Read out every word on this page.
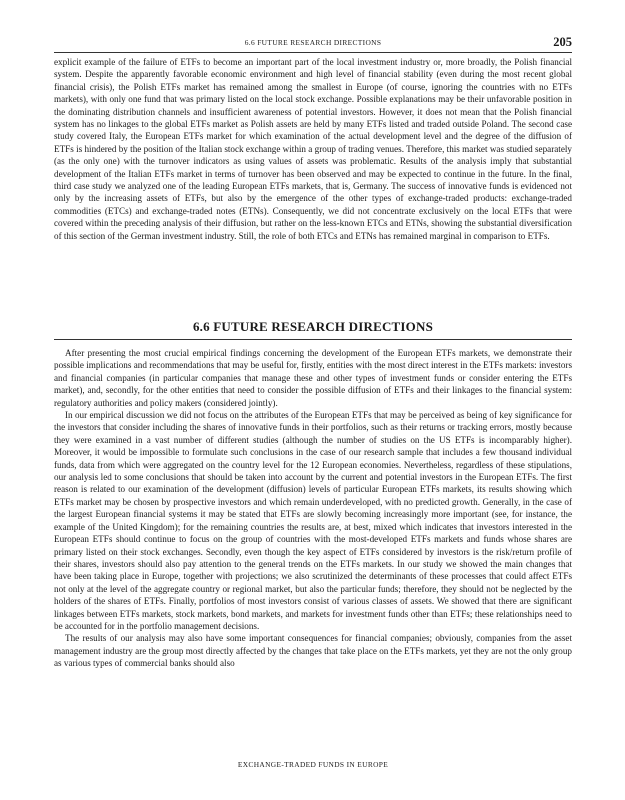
6.6 FUTURE RESEARCH DIRECTIONS	205
explicit example of the failure of ETFs to become an important part of the local investment industry or, more broadly, the Polish financial system. Despite the apparently favorable economic environment and high level of financial stability (even during the most recent global financial crisis), the Polish ETFs market has remained among the smallest in Europe (of course, ignoring the countries with no ETFs markets), with only one fund that was primary listed on the local stock exchange. Possible explanations may be their unfavorable position in the dominating distribution channels and insufficient awareness of potential investors. However, it does not mean that the Polish financial system has no linkages to the global ETFs market as Polish assets are held by many ETFs listed and traded outside Poland. The second case study covered Italy, the European ETFs market for which examination of the actual development level and the degree of the diffusion of ETFs is hindered by the position of the Italian stock exchange within a group of trading venues. Therefore, this market was studied separately (as the only one) with the turnover indicators as using values of assets was problematic. Results of the analysis imply that substantial development of the Italian ETFs market in terms of turnover has been observed and may be expected to continue in the future. In the final, third case study we analyzed one of the leading European ETFs markets, that is, Germany. The success of innovative funds is evidenced not only by the increasing assets of ETFs, but also by the emergence of the other types of exchange-traded products: exchange-traded commodities (ETCs) and exchange-traded notes (ETNs). Consequently, we did not concentrate exclusively on the local ETFs that were covered within the preceding analysis of their diffusion, but rather on the less-known ETCs and ETNs, showing the substantial diversification of this section of the German investment industry. Still, the role of both ETCs and ETNs has remained marginal in comparison to ETFs.
6.6 FUTURE RESEARCH DIRECTIONS

After presenting the most crucial empirical findings concerning the development of the European ETFs markets, we demonstrate their possible implications and recommendations that may be useful for, firstly, entities with the most direct interest in the ETFs markets: investors and financial companies (in particular companies that manage these and other types of investment funds or consider entering the ETFs market), and, secondly, for the other entities that need to consider the possible diffusion of ETFs and their linkages to the financial system: regulatory authorities and policy makers (considered jointly).

In our empirical discussion we did not focus on the attributes of the European ETFs that may be perceived as being of key significance for the investors that consider including the shares of innovative funds in their portfolios, such as their returns or tracking errors, mostly because they were examined in a vast number of different studies (although the number of studies on the US ETFs is incomparably higher). Moreover, it would be impossible to formulate such conclusions in the case of our research sample that includes a few thousand individual funds, data from which were aggregated on the country level for the 12 European economies. Nevertheless, regardless of these stipulations, our analysis led to some conclusions that should be taken into account by the current and potential investors in the European ETFs. The first reason is related to our examination of the development (diffusion) levels of particular European ETFs markets, its results showing which ETFs market may be chosen by prospective investors and which remain underdeveloped, with no predicted growth. Generally, in the case of the largest European financial systems it may be stated that ETFs are slowly becoming increasingly more important (see, for instance, the example of the United Kingdom); for the remaining countries the results are, at best, mixed which indicates that investors interested in the European ETFs should continue to focus on the group of countries with the most-developed ETFs markets and funds whose shares are primary listed on their stock exchanges. Secondly, even though the key aspect of ETFs considered by investors is the risk/return profile of their shares, investors should also pay attention to the general trends on the ETFs markets. In our study we showed the main changes that have been taking place in Europe, together with projections; we also scrutinized the determinants of these processes that could affect ETFs not only at the level of the aggregate country or regional market, but also the particular funds; therefore, they should not be neglected by the holders of the shares of ETFs. Finally, portfolios of most investors consist of various classes of assets. We showed that there are significant linkages between ETFs markets, stock markets, bond markets, and markets for investment funds other than ETFs; these relationships need to be accounted for in the portfolio management decisions.

The results of our analysis may also have some important consequences for financial companies; obviously, companies from the asset management industry are the group most directly affected by the changes that take place on the ETFs markets, yet they are not the only group as various types of commercial banks should also

EXCHANGE-TRADED FUNDS IN EUROPE
